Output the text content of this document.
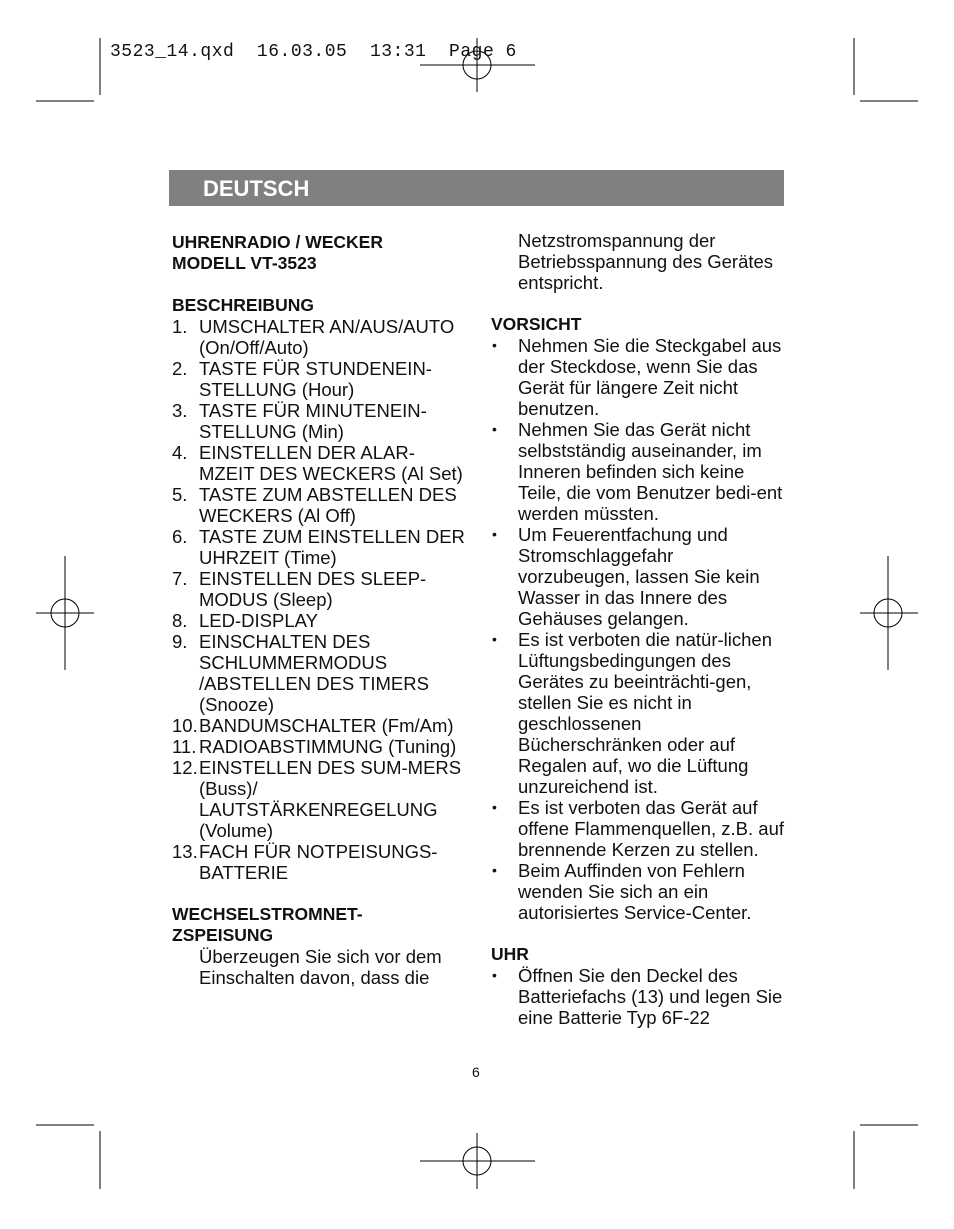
3523_14.qxd  16.03.05  13:31  Page 6
DEUTSCH
UHRENRADIO / WECKER
MODELL VT-3523
BESCHREIBUNG
1. UMSCHALTER AN/AUS/AUTO (On/Off/Auto)
2. TASTE FÜR STUNDENEIN-STELLUNG (Hour)
3. TASTE FÜR MINUTENEIN-STELLUNG (Min)
4. EINSTELLEN DER ALAR-MZEIT DES WECKERS (Al Set)
5. TASTE ZUM ABSTELLEN DES WECKERS (Al Off)
6. TASTE ZUM EINSTELLEN DER UHRZEIT (Time)
7. EINSTELLEN DES SLEEP-MODUS (Sleep)
8. LED-DISPLAY
9. EINSCHALTEN DES SCHLUMMERMODUS /ABSTELLEN DES TIMERS (Snooze)
10. BANDUMSCHALTER (Fm/Am)
11. RADIOABSTIMMUNG (Tuning)
12. EINSTELLEN DES SUM-MERS (Buss)/ LAUTSTÄRKENREGELUNG (Volume)
13. FACH FÜR NOTPEISUNGS-BATTERIE
WECHSELSTROMNET-
ZSPEISUNG
Überzeugen Sie sich vor dem Einschalten davon, dass die
Netzstromspannung der Betriebsspannung des Gerätes entspricht.
VORSICHT
• Nehmen Sie die Steckgabel aus der Steckdose, wenn Sie das Gerät für längere Zeit nicht benutzen.
• Nehmen Sie das Gerät nicht selbstständig auseinander, im Inneren befinden sich keine Teile, die vom Benutzer bedi-ent werden müssten.
• Um Feuerentfachung und Stromschlaggefahr vorzubeugen, lassen Sie kein Wasser in das Innere des Gehäuses gelangen.
• Es ist verboten die natür-lichen Lüftungsbedingungen des Gerätes zu beeinträchti-gen, stellen Sie es nicht in geschlossenen Bücherschränken oder auf Regalen auf, wo die Lüftung unzureichend ist.
• Es ist verboten das Gerät auf offene Flammenquellen, z.B. auf brennende Kerzen zu stellen.
• Beim Auffinden von Fehlern wenden Sie sich an ein autorisiertes Service-Center.
UHR
• Öffnen Sie den Deckel des Batteriefachs (13) und legen Sie eine Batterie Typ 6F-22
6
